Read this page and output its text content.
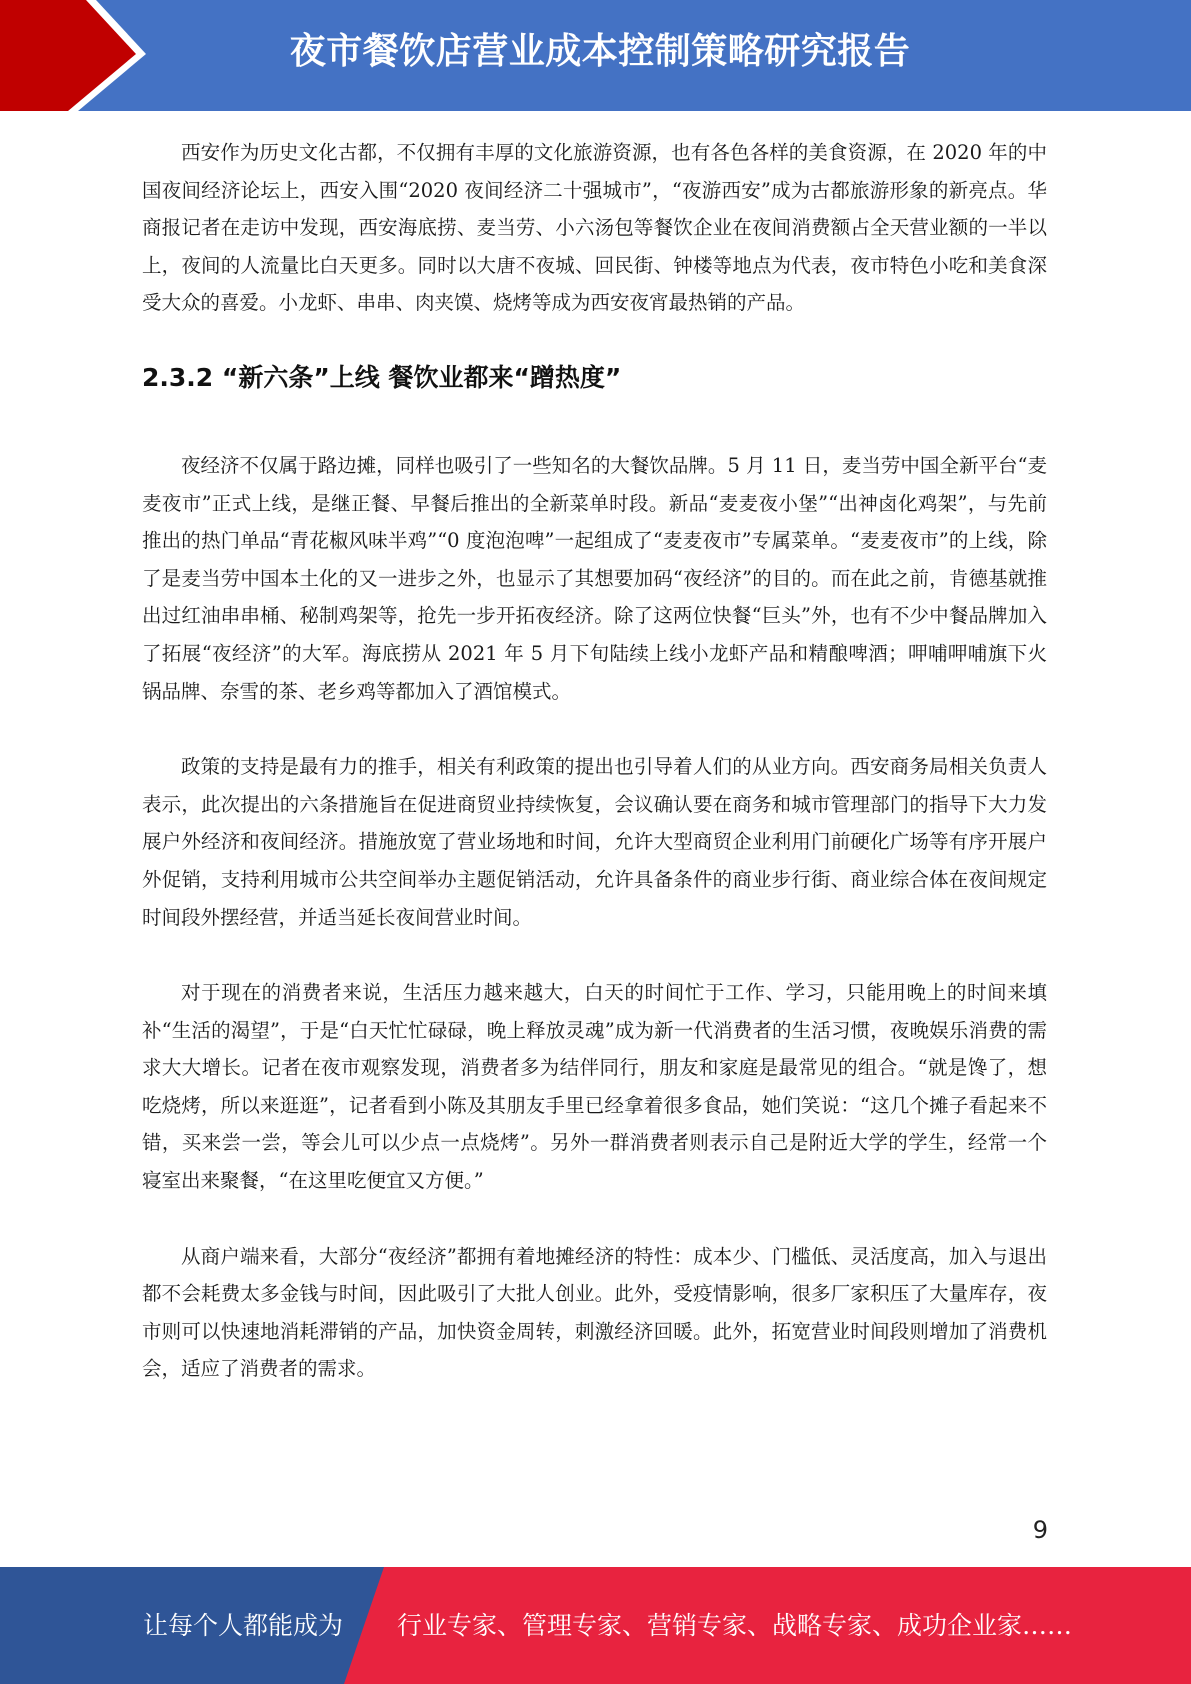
夜市餐饮店营业成本控制策略研究报告

西安作为历史文化古都，不仅拥有丰厚的文化旅游资源，也有各色各样的美食资源，在 2020 年的中国夜间经济论坛上，西安入围“2020 夜间经济二十强城市”，“夜游西安”成为古都旅游形象的新亮点。华商报记者在走访中发现，西安海底捞、麦当劳、小六汤包等餐饮企业在夜间消费额占全天营业额的一半以上，夜间的人流量比白天更多。同时以大唐不夜城、回民街、钟楼等地点为代表，夜市特色小吃和美食深受大众的喜爱。小龙虾、串串、肉夹馍、烧烤等成为西安夜宵最热销的产品。

2.3.2 “新六条”上线 餐饮业都来“蹭热度”

夜经济不仅属于路边摊，同样也吸引了一些知名的大餐饮品牌。5 月 11 日，麦当劳中国全新平台“麦麦夜市”正式上线，是继正餐、早餐后推出的全新菜单时段。新品“麦麦夜小堡”“出神卤化鸡架”，与先前推出的热门单品“青花椒风味半鸡”“0 度泡泡啤”一起组成了“麦麦夜市”专属菜单。“麦麦夜市”的上线，除了是麦当劳中国本土化的又一进步之外，也显示了其想要加码“夜经济”的目的。而在此之前，肯德基就推出过红油串串桶、秘制鸡架等，抢先一步开拓夜经济。除了这两位快餐“巨头”外，也有不少中餐品牌加入了拓展“夜经济”的大军。海底捞从 2021 年 5 月下旬陆续上线小龙虾产品和精酿啤酒；呷哺呷哺旗下火锅品牌、奈雪的茶、老乡鸡等都加入了酒馆模式。

政策的支持是最有力的推手，相关有利政策的提出也引导着人们的从业方向。西安商务局相关负责人表示，此次提出的六条措施旨在促进商贸业持续恢复，会议确认要在商务和城市管理部门的指导下大力发展户外经济和夜间经济。措施放宽了营业场地和时间，允许大型商贸企业利用门前硬化广场等有序开展户外促销，支持利用城市公共空间举办主题促销活动，允许具备条件的商业步行街、商业综合体在夜间规定时间段外摆经营，并适当延长夜间营业时间。

对于现在的消费者来说，生活压力越来越大，白天的时间忙于工作、学习，只能用晚上的时间来填补“生活的渴望”，于是“白天忙忙碌碌，晚上释放灵魂”成为新一代消费者的生活习惯，夜晚娱乐消费的需求大大增长。记者在夜市观察发现，消费者多为结伴同行，朋友和家庭是最常见的组合。“就是馋了，想吃烧烤，所以来逛逛”，记者看到小陈及其朋友手里已经拿着很多食品，她们笑说：“这几个摊子看起来不错，买来尝一尝，等会儿可以少点一点烧烤”。另外一群消费者则表示自己是附近大学的学生，经常一个寝室出来聚餐，“在这里吃便宜又方便。”

从商户端来看，大部分“夜经济”都拥有着地摊经济的特性：成本少、门槛低、灵活度高，加入与退出都不会耗费太多金钱与时间，因此吸引了大批人创业。此外，受疫情影响，很多厂家积压了大量库存，夜市则可以快速地消耗滞销的产品，加快资金周转，刺激经济回暖。此外，拓宽营业时间段则增加了消费机会，适应了消费者的需求。

9
让每个人都能成为 行业专家、管理专家、营销专家、战略专家、成功企业家……
